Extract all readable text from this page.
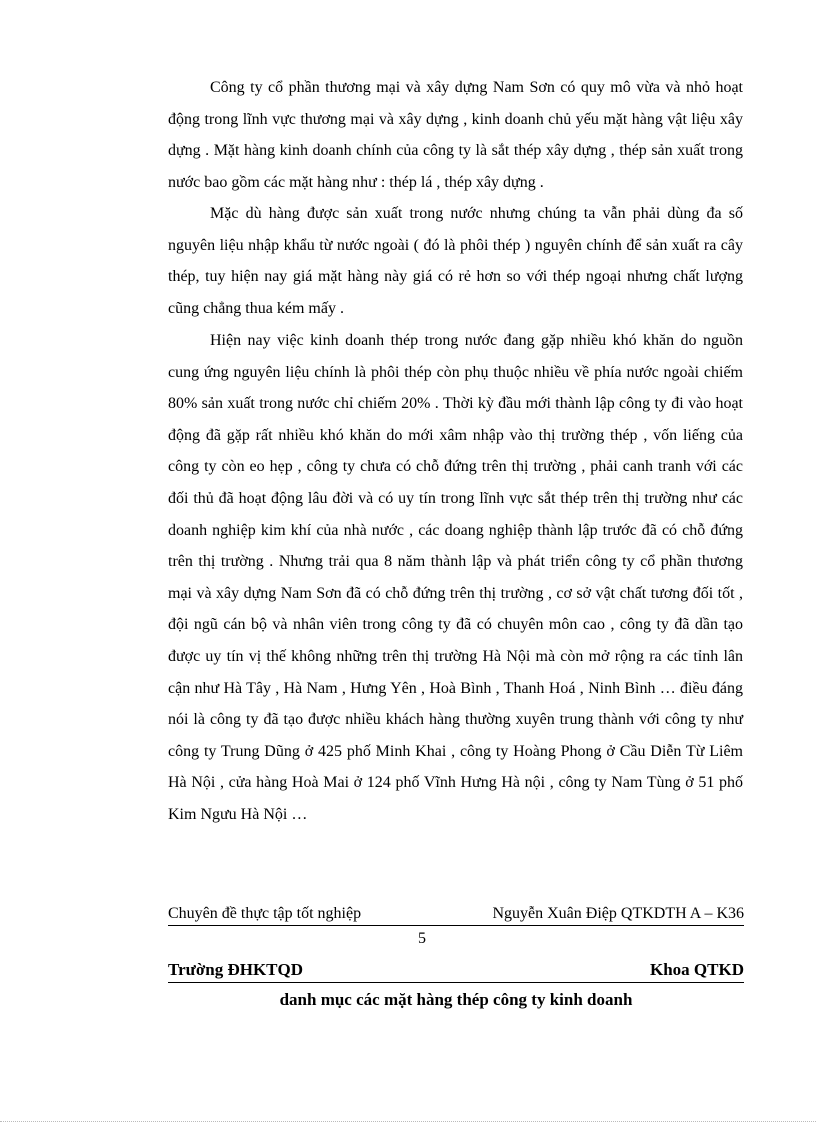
Công ty cổ phần thương mại và xây dựng Nam Sơn có quy mô vừa và nhỏ hoạt động trong lĩnh vực thương mại và xây dựng , kinh doanh chủ yếu mặt hàng vật liệu xây dựng . Mặt hàng kinh doanh chính của công ty là sắt thép xây dựng , thép sản xuất trong nước bao gồm các mặt hàng như : thép lá , thép xây dựng .

Mặc dù hàng được sản xuất trong nước nhưng chúng ta vẫn phải dùng đa số nguyên liệu nhập khẩu từ nước ngoài ( đó là phôi thép ) nguyên chính để sản xuất ra cây thép, tuy hiện nay giá mặt hàng này giá có rẻ hơn so với thép ngoại nhưng chất lượng cũng chẳng thua kém mấy .

Hiện nay việc kinh doanh thép trong nước đang gặp nhiều khó khăn do nguồn cung ứng nguyên liệu chính là phôi thép còn phụ thuộc nhiều về phía nước ngoài chiếm 80% sản xuất trong nước chỉ chiếm 20% . Thời kỳ đầu mới thành lập công ty đi vào hoạt động đã gặp rất nhiều khó khăn do mới xâm nhập vào thị trường thép , vốn liếng của công ty còn eo hẹp , công ty chưa có chỗ đứng trên thị trường , phải canh tranh với các đối thủ đã hoạt động lâu đời và có uy tín trong lĩnh vực sắt thép trên thị trường như các doanh nghiệp kim khí của nhà nước , các doang nghiệp thành lập trước đã có chỗ đứng trên thị trường . Nhưng trải qua 8 năm thành lập và phát triển công ty cổ phần thương mại và xây dựng Nam Sơn đã có chỗ đứng trên thị trường , cơ sở vật chất tương đối tốt , đội ngũ cán bộ và nhân viên trong công ty đã có chuyên môn cao , công ty đã dần tạo được uy tín vị thế không những trên thị trường Hà Nội mà còn mở rộng ra các tỉnh lân cận như Hà Tây , Hà Nam , Hưng Yên , Hoà Bình , Thanh Hoá , Ninh Bình … điều đáng nói là công ty đã tạo được nhiều khách hàng thường xuyên trung thành với công ty như công ty Trung Dũng ở 425 phố Minh Khai , công ty Hoàng Phong ở Cầu Diễn Từ Liêm Hà Nội , cửa hàng Hoà Mai ở 124 phố Vĩnh Hưng Hà nội , công ty Nam Tùng ở 51 phố Kim Ngưu Hà Nội …

Chuyên đề thực tập tốt nghiệp	Nguyễn Xuân Điệp QTKDTH A – K36
5
Trường ĐHKTQD	Khoa QTKD
danh mục các mặt hàng thép công ty kinh doanh
